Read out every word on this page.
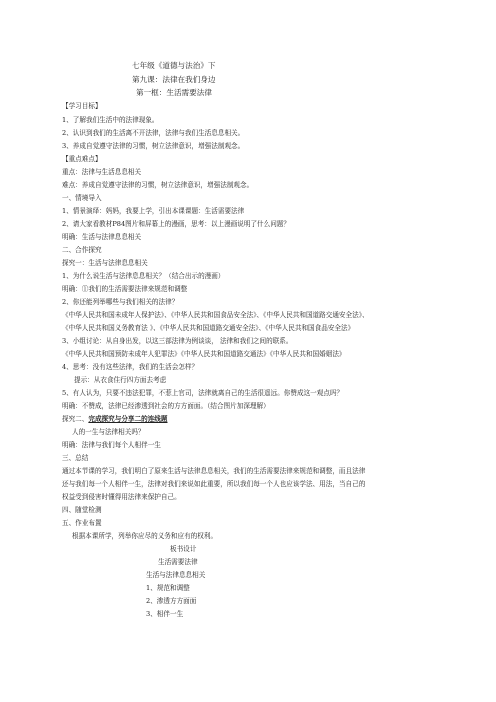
七年级《道德与法治》下
第九课：法律在我们身边
第一框：生活需要法律
【学习目标】
1、了解我们生活中的法律现象。
2、认识到我们的生活离不开法律，法律与我们生活息息相关。
3、养成自觉遵守法律的习惯，树立法律意识，增强法制观念。
【重点难点】
重点：法律与生活息息相关
难点：养成自觉遵守法律的习惯，树立法律意识，增强法制观念。
一、情境导入
1、情景演绎：妈妈，我要上学，引出本课课题：生活需要法律
2、请大家看教材P84图片和屏幕上的漫画，思考：以上漫画说明了什么问题？
明确：生活与法律息息相关
二、合作探究
探究一：生活与法律息息相关
1、为什么说生活与法律息息相关？（结合出示的漫画）
明确：①我们的生活需要法律来规范和调整
2、你还能列举哪些与我们相关的法律？
《中华人民共和国未成年人保护法》、《中华人民共和国食品安全法》、《中华人民共和国道路交通安全法》、
《中华人民共和国义务教育法 》、《中华人民共和国道路交通安全法》、《中华人民共和国食品安全法》
3、小组讨论：从自身出发，以这三部法律为例谈谈， 法律和我们之间的联系。
《中华人民共和国预防未成年人犯罪法》《中华人民共和国道路交通法》《中华人民共和国婚姻法》
4、思考：没有这些法律，我们的生活会怎样？
提示：从衣食住行四方面去考虑
5、有人认为，只要不违法犯罪，不惹上官司，法律就离自己的生活很遥远。你赞成这一观点吗？
明确：不赞成，法律已经渗透到社会的方方面面。（结合图片加深理解）
探究二、完成探究与分享二的连线题
人的一生与法律相关吗？
明确：法律与我们每个人相伴一生
三、总结
通过本节课的学习，我们明白了原来生活与法律息息相关，我们的生活需要法律来规范和调整，而且法律
还与我们每一个人相伴一生，法律对我们来说如此重要，所以我们每一个人也应该学法、用法，当自己的
权益受到侵害时懂得用法律来保护自己。
四、随堂检测
五、作业布置
根据本课所学，列举你应尽的义务和应有的权利。
板书设计
生活需要法律
生活与法律息息相关
1、规范和调整
2、渗透方方面面
3、相伴一生
